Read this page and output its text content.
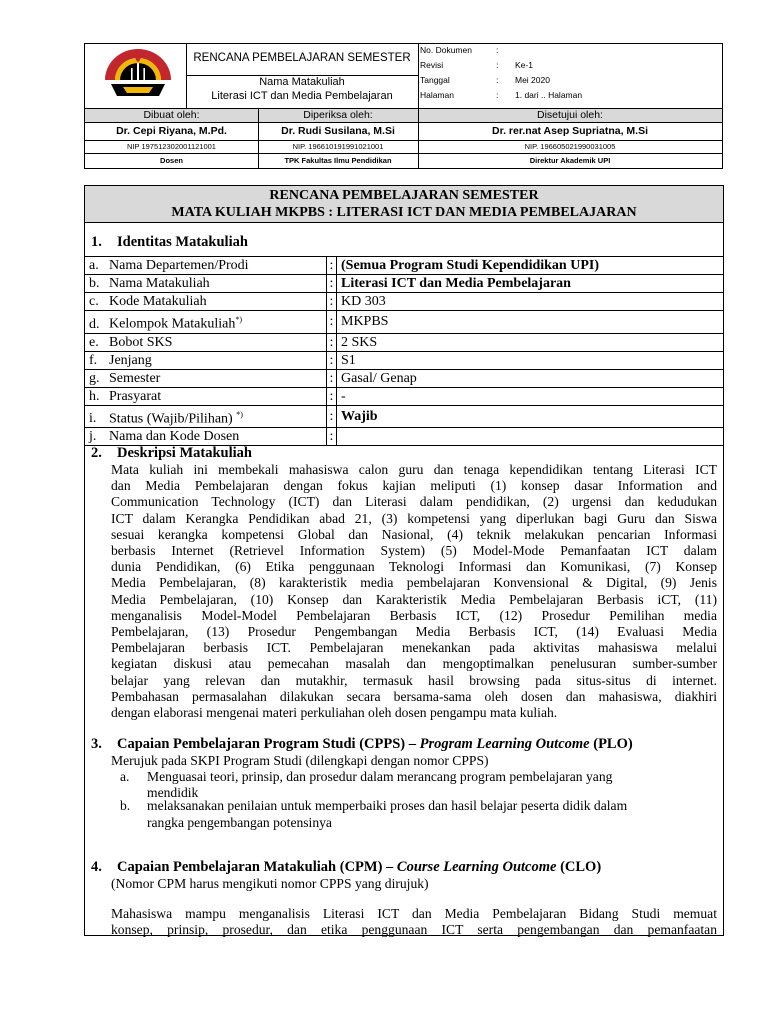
RENCANA PEMBELAJARAN SEMESTER
Nama Matakuliah
Literasi ICT dan Media Pembelajaran
No. Dokumen	:
Revisi	: Ke-1
Tanggal	: Mei 2020
Halaman	: 1. dari .. Halaman
Dibuat oleh:	Diperiksa oleh:	Disetujui oleh:
Dr. Cepi Riyana, M.Pd.	Dr. Rudi Susilana, M.Si	Dr. rer.nat Asep Supriatna, M.Si
NIP 197512302001121001	NIP. 196610191991021001	NIP. 196605021990031005
Dosen	TPK Fakultas Ilmu Pendidikan	Direktur Akademik UPI
RENCANA PEMBELAJARAN SEMESTER
MATA KULIAH MKPBS : LITERASI ICT DAN MEDIA PEMBELAJARAN
1. Identitas Matakuliah
a. Nama Departemen/Prodi	:	(Semua Program Studi Kependidikan UPI)
b. Nama Matakuliah	:	Literasi ICT dan Media Pembelajaran
c. Kode Matakuliah	:	KD 303
d. Kelompok Matakuliah*)	:	MKPBS
e. Bobot SKS	:	2 SKS
f. Jenjang	:	S1
g. Semester	:	Gasal/ Genap
h. Prasyarat	:	-
i. Status (Wajib/Pilihan) *)	:	Wajib
j. Nama dan Kode Dosen	:	
2. Deskripsi Matakuliah
Mata kuliah ini membekali mahasiswa calon guru dan tenaga kependidikan tentang Literasi ICT
dan Media Pembelajaran dengan fokus kajian meliputi (1) konsep dasar Information and
Communication Technology (ICT) dan Literasi dalam pendidikan, (2) urgensi dan kedudukan
ICT dalam Kerangka Pendidikan abad 21, (3) kompetensi yang diperlukan bagi Guru dan Siswa
sesuai kerangka kompetensi Global dan Nasional, (4) teknik melakukan pencarian Informasi
berbasis Internet (Retrievel Information System) (5) Model-Mode Pemanfaatan ICT dalam
dunia Pendidikan, (6) Etika penggunaan Teknologi Informasi dan Komunikasi, (7) Konsep
Media Pembelajaran, (8) karakteristik media pembelajaran Konvensional & Digital, (9) Jenis
Media Pembelajaran, (10) Konsep dan Karakteristik Media Pembelajaran Berbasis iCT, (11)
menganalisis Model-Model Pembelajaran Berbasis ICT, (12) Prosedur Pemilihan media
Pembelajaran, (13) Prosedur Pengembangan Media Berbasis ICT, (14) Evaluasi Media
Pembelajaran berbasis ICT. Pembelajaran menekankan pada aktivitas mahasiswa melalui
kegiatan diskusi atau pemecahan masalah dan mengoptimalkan penelusuran sumber-sumber
belajar yang relevan dan mutakhir, termasuk hasil browsing pada situs-situs di internet.
Pembahasan permasalahan dilakukan secara bersama-sama oleh dosen dan mahasiswa, diakhiri
dengan elaborasi mengenai materi perkuliahan oleh dosen pengampu mata kuliah.
3. Capaian Pembelajaran Program Studi (CPPS) – Program Learning Outcome (PLO)
Merujuk pada SKPI Program Studi (dilengkapi dengan nomor CPPS)
a. Menguasai teori, prinsip, dan prosedur dalam merancang program pembelajaran yang
mendidik
b. melaksanakan penilaian untuk memperbaiki proses dan hasil belajar peserta didik dalam
rangka pengembangan potensinya
4. Capaian Pembelajaran Matakuliah (CPM) – Course Learning Outcome (CLO)
(Nomor CPM harus mengikuti nomor CPPS yang dirujuk)
Mahasiswa mampu menganalisis Literasi ICT dan Media Pembelajaran Bidang Studi memuat
konsep, prinsip, prosedur, dan etika penggunaan ICT serta pengembangan dan pemanfaatan
